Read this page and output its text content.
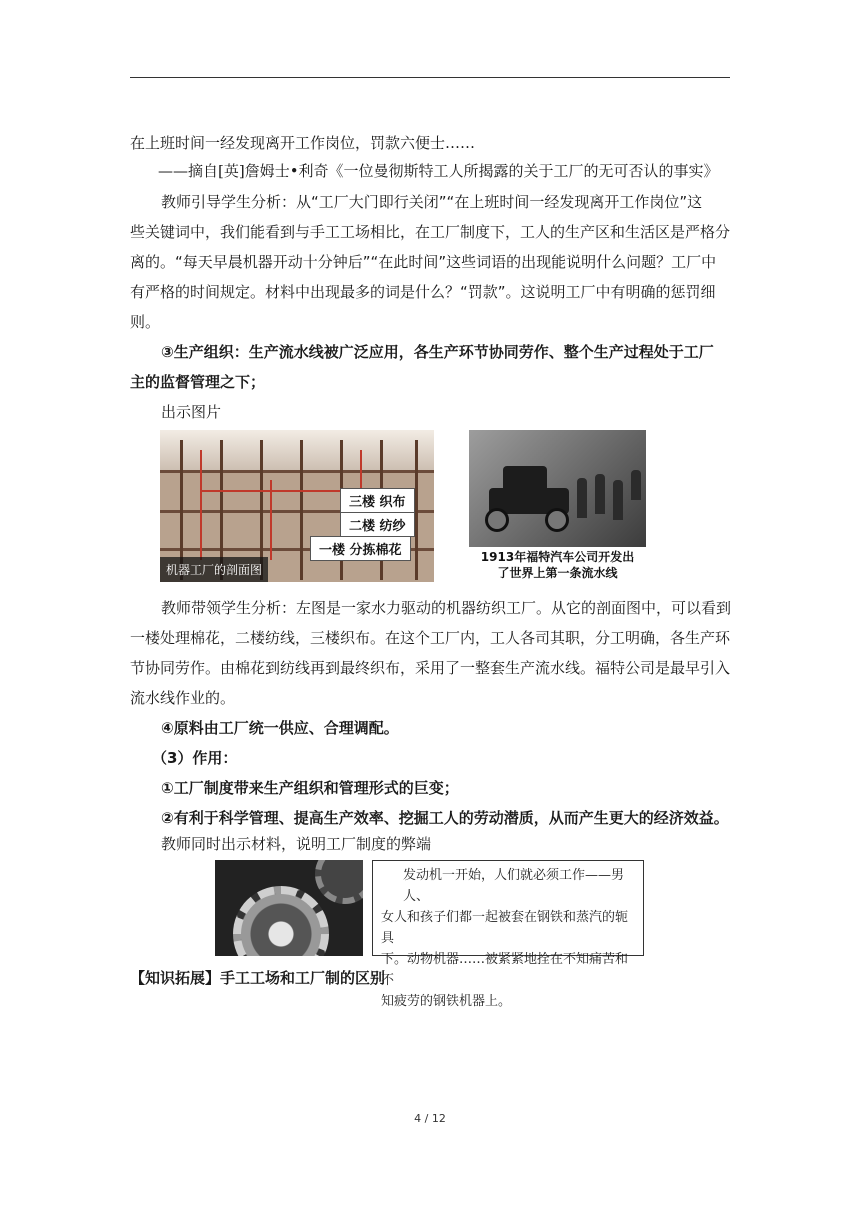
在上班时间一经发现离开工作岗位，罚款六便士……
——摘自[英]詹姆士•利奇《一位曼彻斯特工人所揭露的关于工厂的无可否认的事实》
教师引导学生分析：从“工厂大门即行关闭”“在上班时间一经发现离开工作岗位”这
些关键词中，我们能看到与手工工场相比，在工厂制度下，工人的生产区和生活区是严格分
离的。“每天早晨机器开动十分钟后”“在此时间”这些词语的出现能说明什么问题？工厂中
有严格的时间规定。材料中出现最多的词是什么？“罚款”。这说明工厂中有明确的惩罚细
则。
③生产组织：生产流水线被广泛应用，各生产环节协同劳作、整个生产过程处于工厂
主的监督管理之下；
出示图片
三楼 织布
二楼 纺纱
一楼 分拣棉花
机器工厂的剖面图
1913年福特汽车公司开发出
了世界上第一条流水线
教师带领学生分析：左图是一家水力驱动的机器纺织工厂。从它的剖面图中，可以看到
一楼处理棉花，二楼纺线，三楼织布。在这个工厂内，工人各司其职，分工明确，各生产环
节协同劳作。由棉花到纺线再到最终织布，采用了一整套生产流水线。福特公司是最早引入
流水线作业的。
④原料由工厂统一供应、合理调配。
（3）作用：
①工厂制度带来生产组织和管理形式的巨变；
②有利于科学管理、提高生产效率、挖掘工人的劳动潜质，从而产生更大的经济效益。
教师同时出示材料，说明工厂制度的弊端
发动机一开始，人们就必须工作——男人、
女人和孩子们都一起被套在钢铁和蒸汽的轭具
下。动物机器……被紧紧地拴在不知痛苦和不
知疲劳的钢铁机器上。
【知识拓展】手工工场和工厂制的区别
4 / 12
